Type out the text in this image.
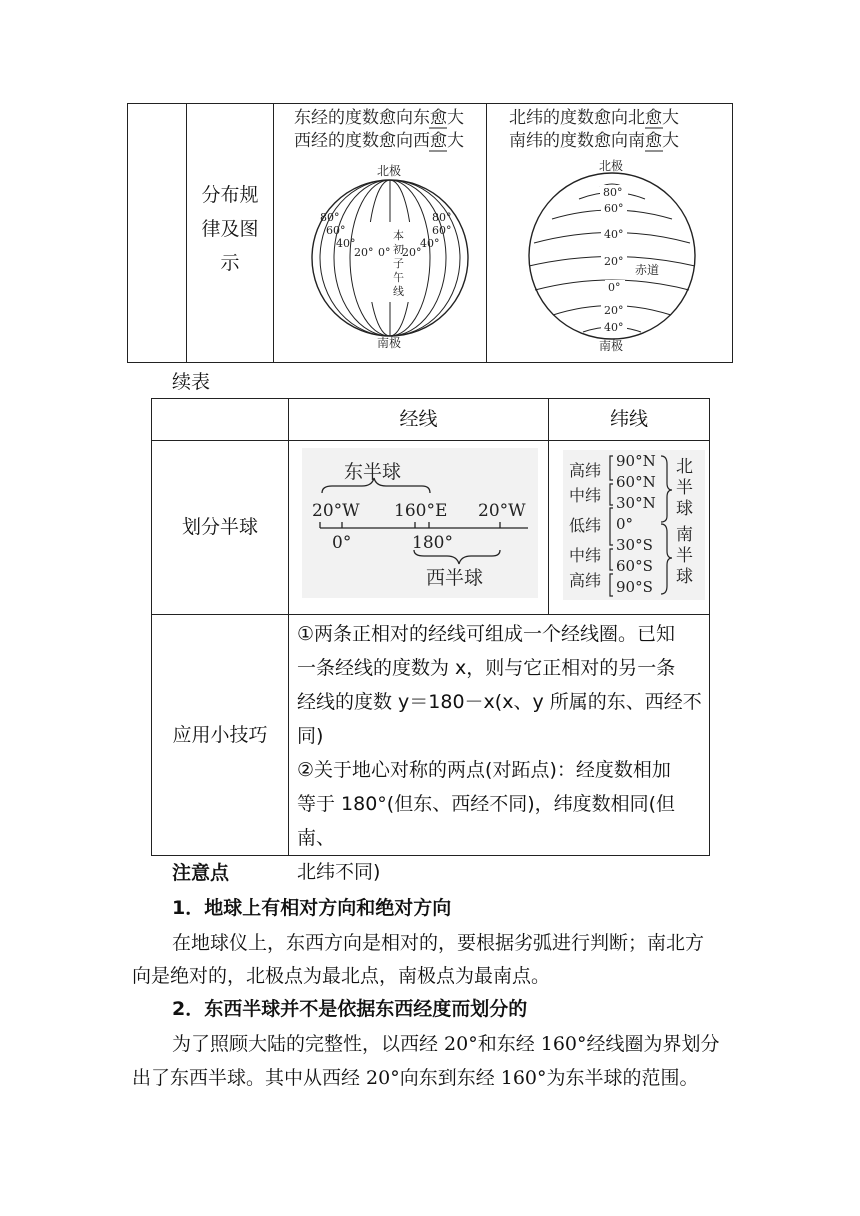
分布规
律及图
示
东经的度数愈向东愈大
西经的度数愈向西愈大
北极
南极
80°
60°
40°
20°
80°
60°
40°
20°
0°
本
初
子
午
线
北纬的度数愈向北愈大
南纬的度数愈向南愈大
北极
南极
80°
60°
40°
20°
0°
20°
40°
赤道
续表
经线	纬线
划分半球
东半球
20°W 160°E 20°W
0°	180°
西半球
高纬
中纬
低纬
中纬
高纬
90°N
60°N
30°N
0°
30°S
60°S
90°S
北
半
球
南
半
球
应用小技巧
①两条正相对的经线可组成一个经线圈。已知
一条经线的度数为 x，则与它正相对的另一条
经线的度数 y＝180－x(x、y 所属的东、西经不
同)
②关于地心对称的两点(对跖点)：经度数相加
等于 180°(但东、西经不同)，纬度数相同(但南、
北纬不同)
注意点
1．地球上有相对方向和绝对方向
在地球仪上，东西方向是相对的，要根据劣弧进行判断；南北方
向是绝对的，北极点为最北点，南极点为最南点。
2．东西半球并不是依据东西经度而划分的
为了照顾大陆的完整性，以西经 20°和东经 160°经线圈为界划分
出了东西半球。其中从西经 20°向东到东经 160°为东半球的范围。
